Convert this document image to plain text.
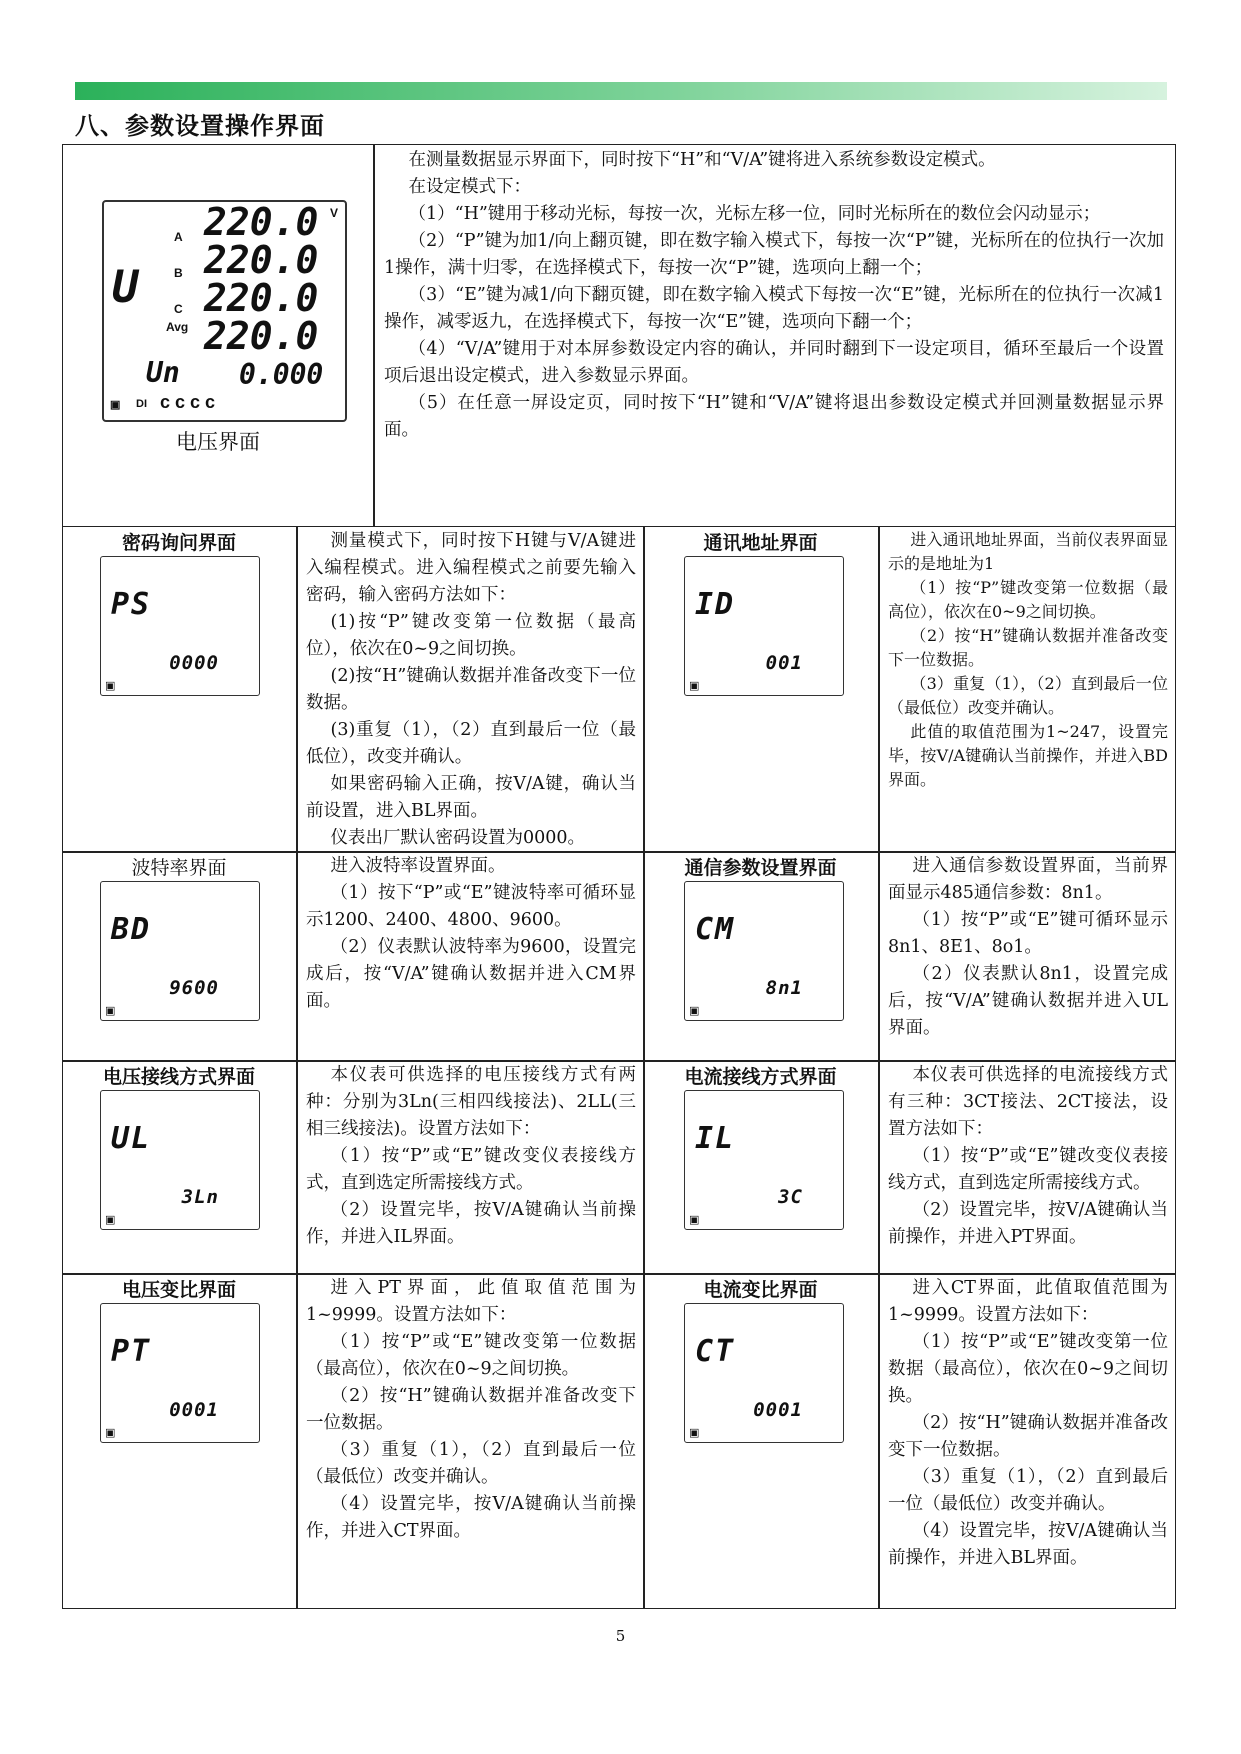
八、参数设置操作界面
A
B
C
Avg
V
U
220.0
220.0
220.0
220.0
Un 0.000
DI c c c c
▣
电压界面

在测量数据显示界面下，同时按下“H”和“V/A”键将进入系统参数设定模式。

在设定模式下：

（1）“H”键用于移动光标，每按一次，光标左移一位，同时光标所在的数位会闪动显示；

（2）“P”键为加1/向上翻页键，即在数字输入模式下，每按一次“P”键，光标所在的位执行一次加1操作，满十归零，在选择模式下，每按一次“P”键，选项向上翻一个；

（3）“E”键为减1/向下翻页键，即在数字输入模式下每按一次“E”键，光标所在的位执行一次减1操作，减零返九，在选择模式下，每按一次“E”键，选项向下翻一个；

（4）“V/A”键用于对本屏参数设定内容的确认，并同时翻到下一设定项目，循环至最后一个设置项后退出设定模式，进入参数显示界面。

（5）在任意一屏设定页，同时按下“H”键和“V/A”键将退出参数设定模式并回测量数据显示界面。

密码询问界面
PS
0000
▣

测量模式下，同时按下H键与V/A键进入编程模式。进入编程模式之前要先输入密码，输入密码方法如下：

(1)按“P”键改变第一位数据（最高位），依次在0~9之间切换。

(2)按“H”键确认数据并准备改变下一位数据。

(3)重复（1），（2）直到最后一位（最低位），改变并确认。

如果密码输入正确，按V/A键，确认当前设置，进入BL界面。

仪表出厂默认密码设置为0000。

通讯地址界面
ID
001
▣

进入通讯地址界面，当前仪表界面显示的是地址为1

（1）按“P”键改变第一位数据（最高位），依次在0~9之间切换。

（2）按“H”键确认数据并准备改变下一位数据。

（3）重复（1），（2）直到最后一位（最低位）改变并确认。

此值的取值范围为1~247，设置完毕，按V/A键确认当前操作，并进入BD界面。

波特率界面
BD
9600
▣

进入波特率设置界面。

（1）按下“P”或“E”键波特率可循环显示1200、2400、4800、9600。

（2）仪表默认波特率为9600，设置完成后，按“V/A”键确认数据并进入CM界面。

通信参数设置界面
CM
8n1
▣

进入通信参数设置界面，当前界面显示485通信参数：8n1。

（1）按“P”或“E”键可循环显示8n1、8E1、8o1。

（2）仪表默认8n1，设置完成后，按“V/A”键确认数据并进入UL界面。

电压接线方式界面
UL
3Ln
▣

本仪表可供选择的电压接线方式有两种：分别为3Ln(三相四线接法)、2LL(三相三线接法)。设置方法如下：

（1）按“P”或“E”键改变仪表接线方式，直到选定所需接线方式。

（2）设置完毕，按V/A键确认当前操作，并进入IL界面。

电流接线方式界面
IL
3C
▣

本仪表可供选择的电流接线方式有三种：3CT接法、2CT接法，设置方法如下：

（1）按“P”或“E”键改变仪表接线方式，直到选定所需接线方式。

（2）设置完毕，按V/A键确认当前操作，并进入PT界面。

电压变比界面
PT
0001
▣

进入PT界面，此值取值范围为1~9999。设置方法如下：

（1）按“P”或“E”键改变第一位数据（最高位），依次在0~9之间切换。

（2）按“H”键确认数据并准备改变下一位数据。

（3）重复（1），（2）直到最后一位（最低位）改变并确认。

（4）设置完毕，按V/A键确认当前操作，并进入CT界面。

电流变比界面
CT
0001
▣

进入CT界面，此值取值范围为1~9999。设置方法如下：

（1）按“P”或“E”键改变第一位数据（最高位），依次在0~9之间切换。

（2）按“H”键确认数据并准备改变下一位数据。

（3）重复（1），（2）直到最后一位（最低位）改变并确认。

（4）设置完毕，按V/A键确认当前操作，并进入BL界面。

5
